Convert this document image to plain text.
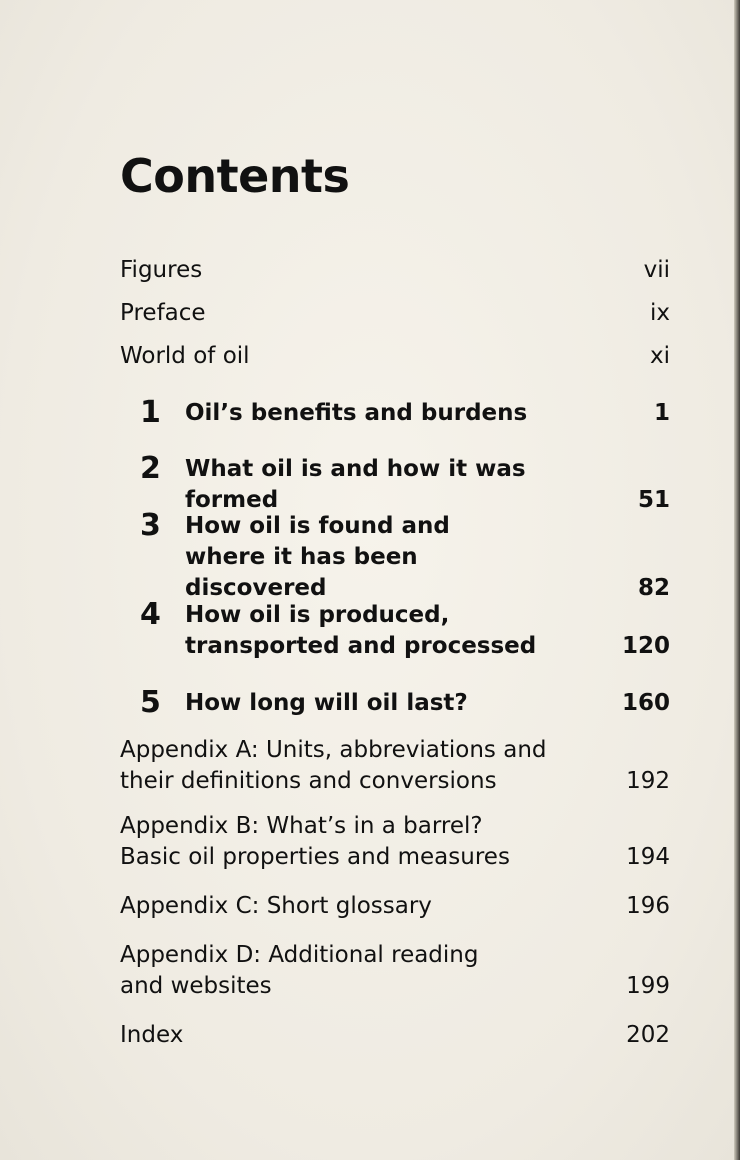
Contents
Figures	vii
Preface	ix
World of oil	xi
1 Oil’s benefits and burdens	1
2 What oil is and how it was formed	51
3 How oil is found and where it has been discovered	82
4 How oil is produced, transported and processed	120
5 How long will oil last?	160
Appendix A: Units, abbreviations and their definitions and conversions	192
Appendix B: What’s in a barrel? Basic oil properties and measures	194
Appendix C: Short glossary	196
Appendix D: Additional reading and websites	199
Index	202
